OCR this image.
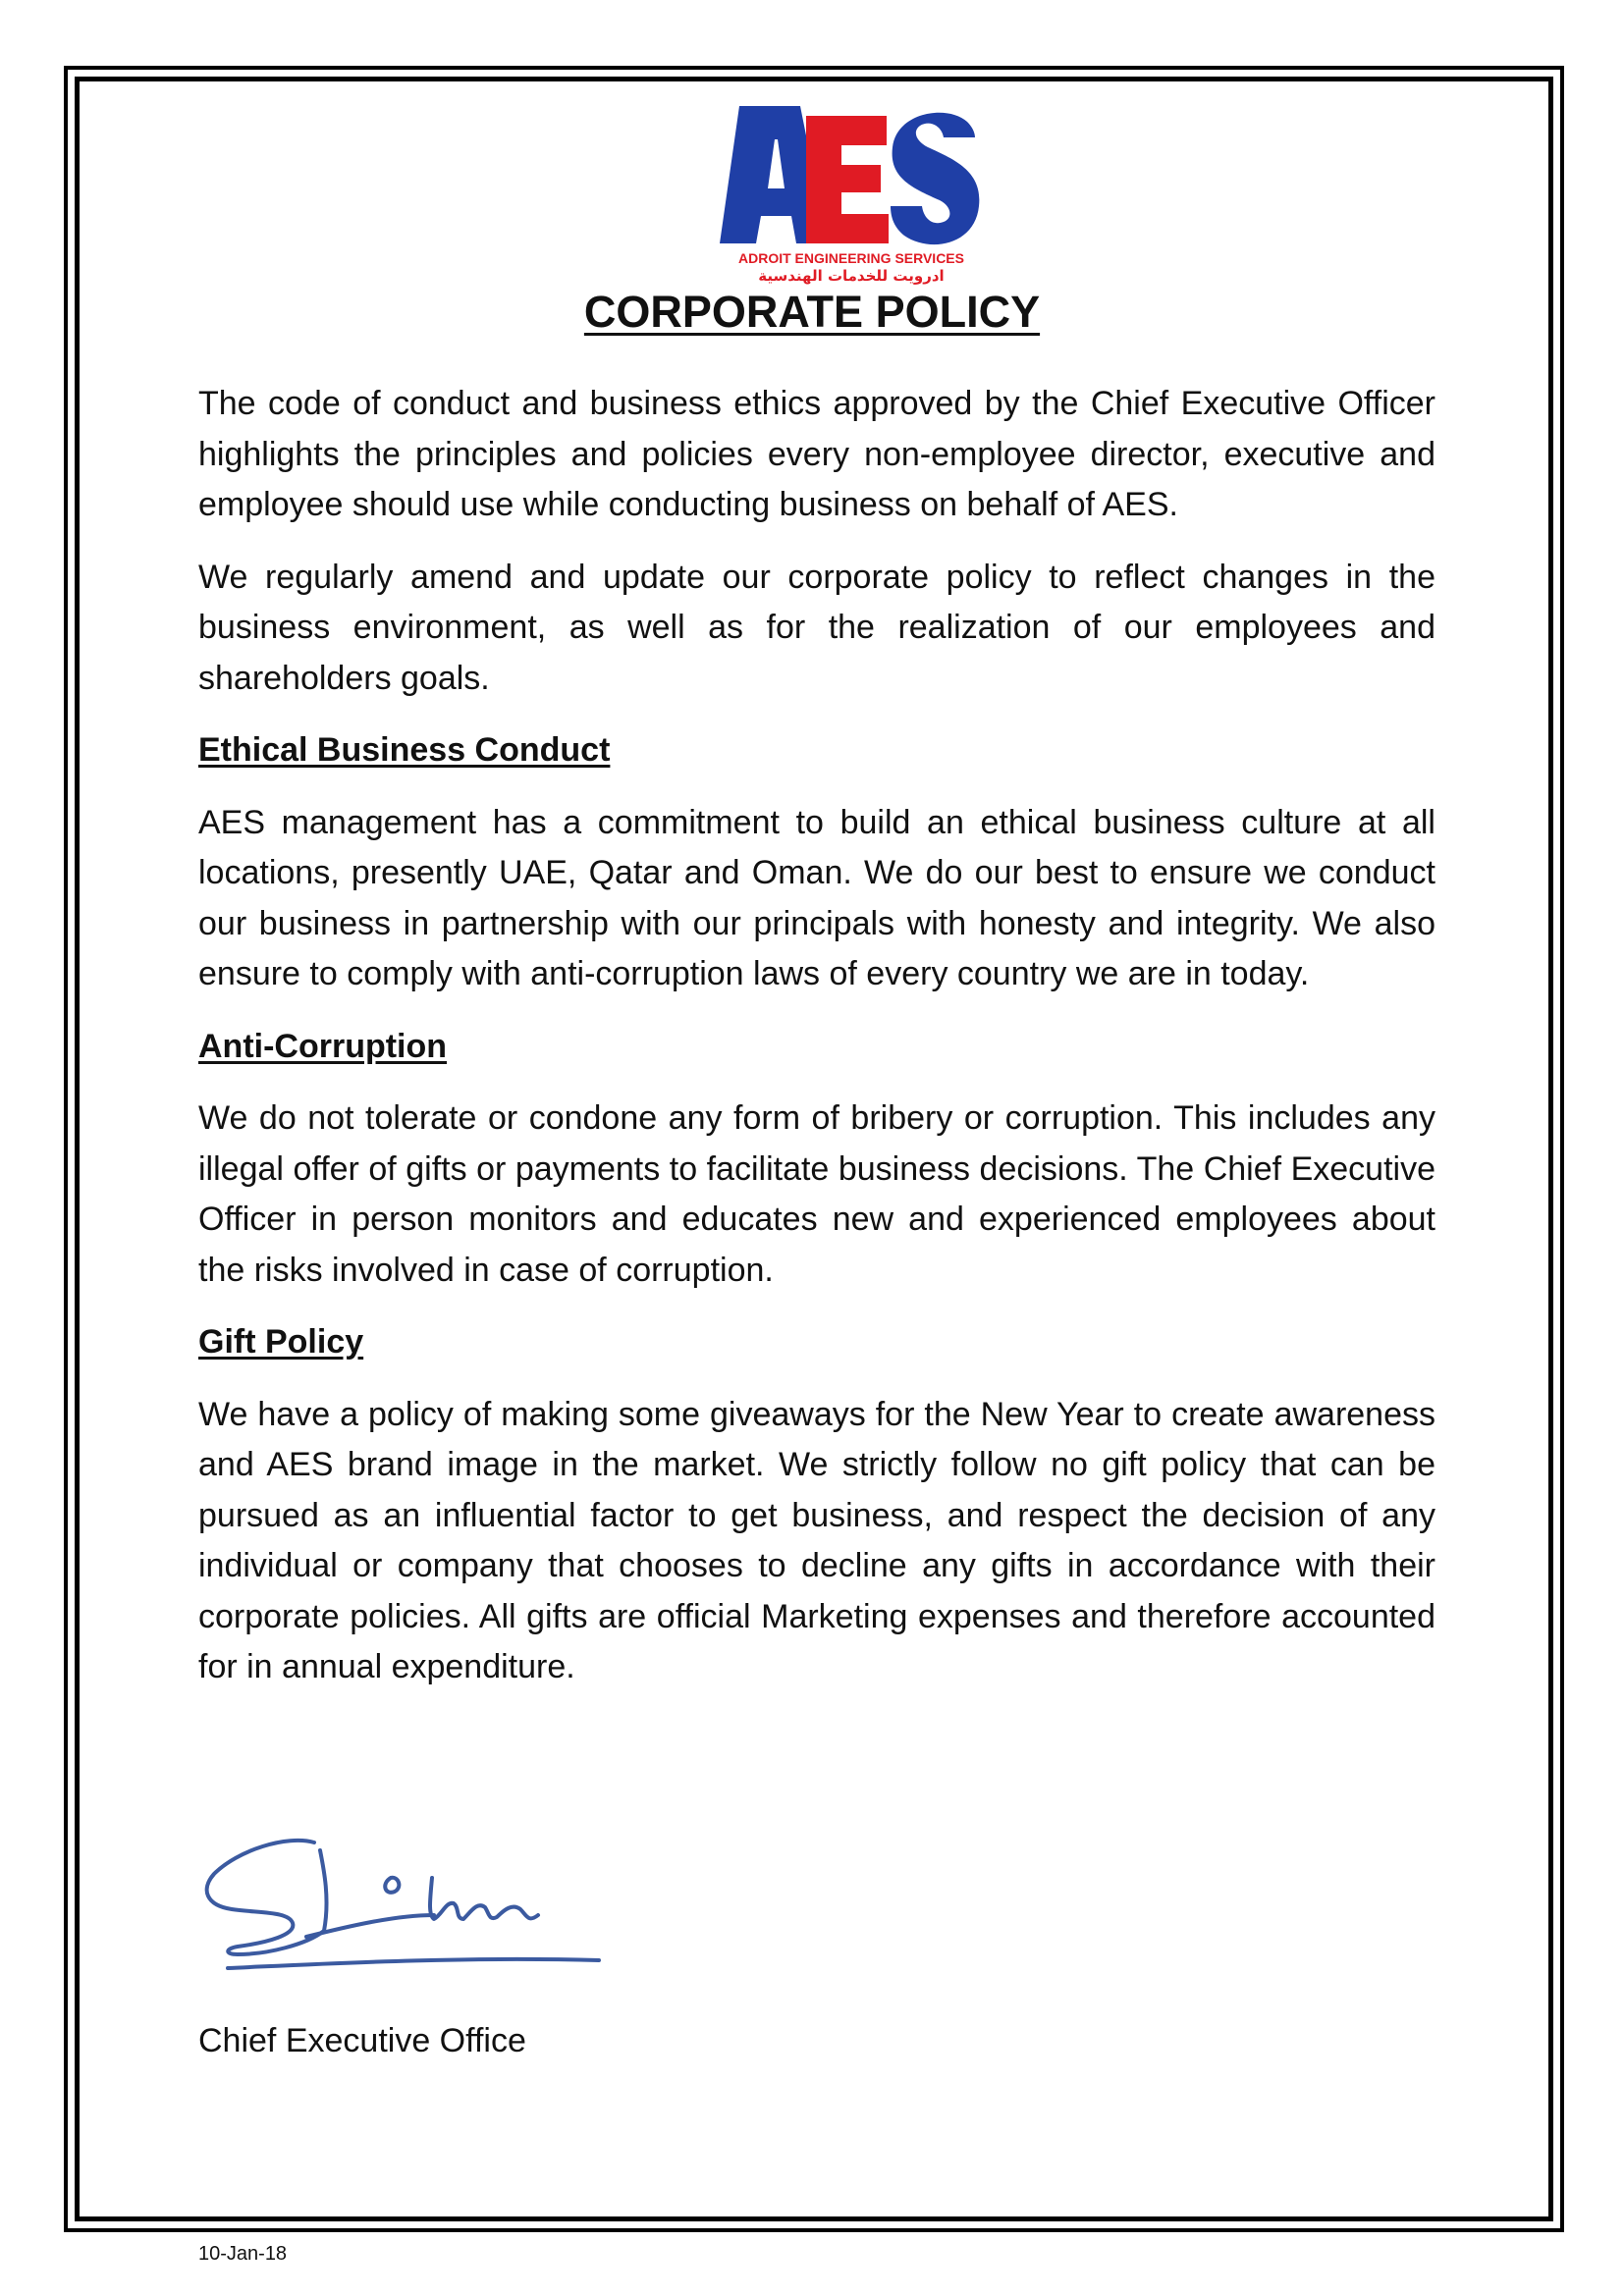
ADROIT ENGINEERING SERVICES
ادرويت للخدمات الهندسية
CORPORATE POLICY

The code of conduct and business ethics approved by the Chief Executive Officer highlights the principles and policies every non-employee director, executive and employee should use while conducting business on behalf of AES.

We regularly amend and update our corporate policy to reflect changes in the business environment, as well as for the realization of our employees and shareholders goals.

Ethical Business Conduct

AES management has a commitment to build an ethical business culture at all locations, presently UAE, Qatar and Oman. We do our best to ensure we conduct our business in partnership with our principals with honesty and integrity. We also ensure to comply with anti-corruption laws of every country we are in today.

Anti-Corruption

We do not tolerate or condone any form of bribery or corruption. This includes any illegal offer of gifts or payments to facilitate business decisions. The Chief Executive Officer in person monitors and educates new and experienced employees about the risks involved in case of corruption.

Gift Policy

We have a policy of making some giveaways for the New Year to create awareness and AES brand image in the market. We strictly follow no gift policy that can be pursued as an influential factor to get business, and respect the decision of any individual or company that chooses to decline any gifts in accordance with their corporate policies. All gifts are official Marketing expenses and therefore accounted for in annual expenditure.

Chief Executive Office
10-Jan-18
